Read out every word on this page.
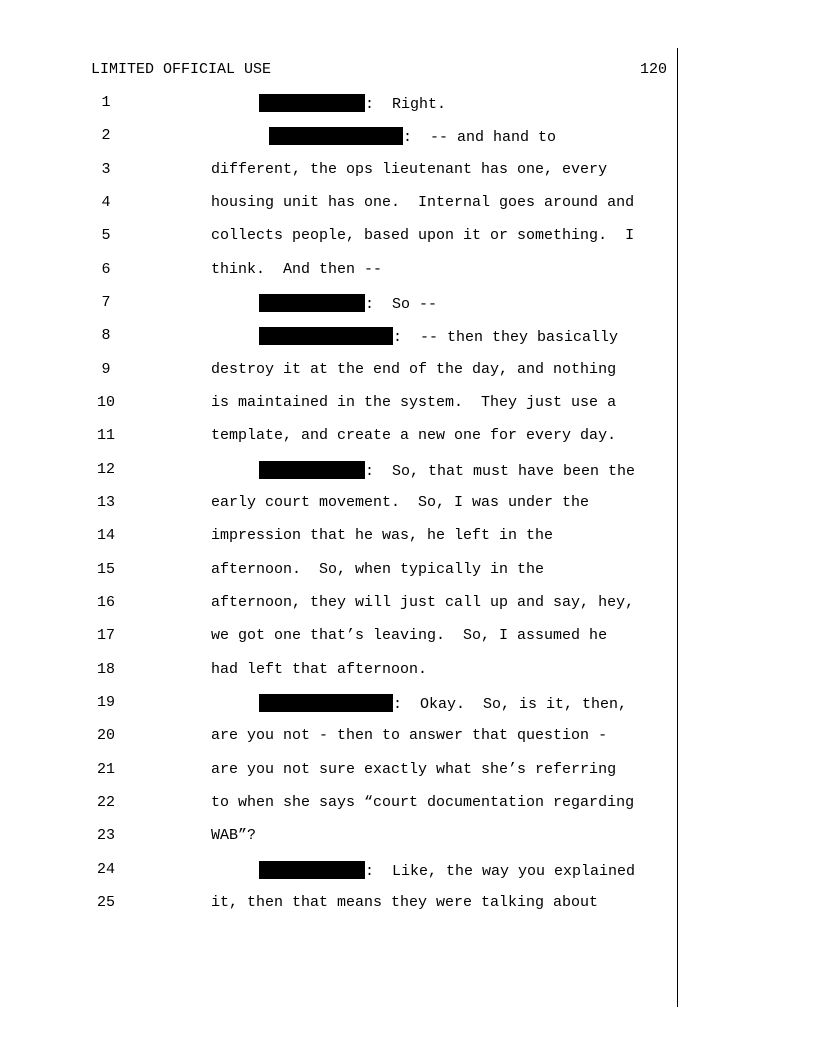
LIMITED OFFICIAL USE	120
1	:  Right.
2	:  -- and hand to
3	different, the ops lieutenant has one, every
4	housing unit has one.  Internal goes around and
5	collects people, based upon it or something.  I
6	think.  And then --
7	:  So --
8	:  -- then they basically
9	destroy it at the end of the day, and nothing
10	is maintained in the system.  They just use a
11	template, and create a new one for every day.
12	:  So, that must have been the
13	early court movement.  So, I was under the
14	impression that he was, he left in the
15	afternoon.  So, when typically in the
16	afternoon, they will just call up and say, hey,
17	we got one that’s leaving.  So, I assumed he
18	had left that afternoon.
19	:  Okay.  So, is it, then,
20	are you not - then to answer that question -
21	are you not sure exactly what she’s referring
22	to when she says “court documentation regarding
23	WAB”?
24	:  Like, the way you explained
25	it, then that means they were talking about
